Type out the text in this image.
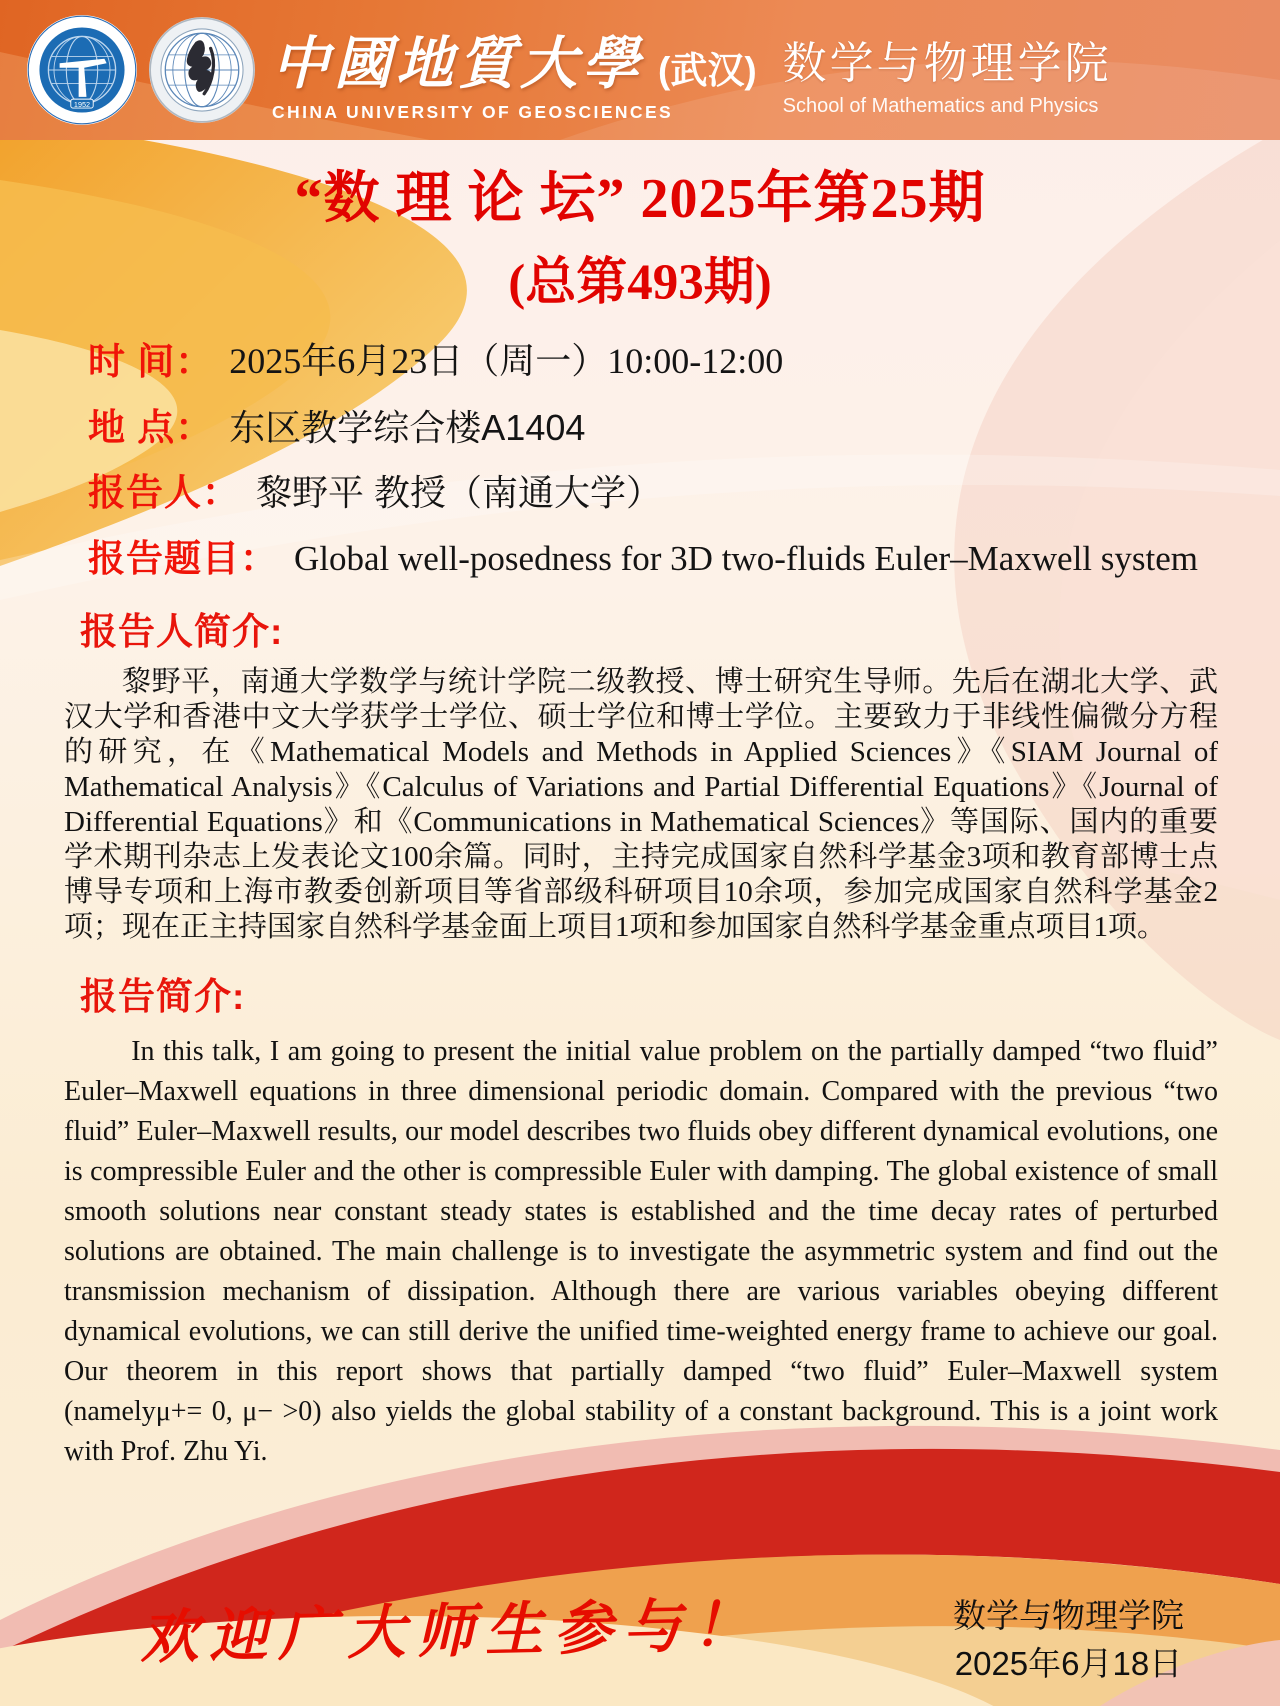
1952
中國地質大學 (武汉)
CHINA UNIVERSITY OF GEOSCIENCES
数学与物理学院
School of Mathematics and Physics
“数 理 论 坛” 2025年第25期
(总第493期)
时 间： 2025年6月23日（周一）10:00-12:00
地 点： 东区教学综合楼A1404
报告人： 黎野平 教授（南通大学）
报告题目： Global well-posedness for 3D two-fluids Euler–Maxwell system
报告人简介:

黎野平，南通大学数学与统计学院二级教授、博士研究生导师。先后在湖北大学、武汉大学和香港中文大学获学士学位、硕士学位和博士学位。主要致力于非线性偏微分方程的研究，在《Mathematical Models and Methods in Applied Sciences》《SIAM Journal of Mathematical Analysis》《Calculus of Variations and Partial Differential Equations》《Journal of Differential Equations》和《Communications in Mathematical Sciences》等国际、国内的重要学术期刊杂志上发表论文100余篇。同时，主持完成国家自然科学基金3项和教育部博士点博导专项和上海市教委创新项目等省部级科研项目10余项，参加完成国家自然科学基金2项；现在正主持国家自然科学基金面上项目1项和参加国家自然科学基金重点项目1项。

报告简介:

In this talk, I am going to present the initial value problem on the partially damped “two fluid” Euler–Maxwell equations in three dimensional periodic domain. Compared with the previous “two fluid” Euler–Maxwell results, our model describes two fluids obey different dynamical evolutions, one is compressible Euler and the other is compressible Euler with damping. The global existence of small smooth solutions near constant steady states is established and the time decay rates of perturbed solutions are obtained. The main challenge is to investigate the asymmetric system and find out the transmission mechanism of dissipation. Although there are various variables obeying different dynamical evolutions, we can still derive the unified time-weighted energy frame to achieve our goal. Our theorem in this report shows that partially damped “two fluid” Euler–Maxwell system (namelyμ+= 0, μ− >0) also yields the global stability of a constant background. This is a joint work with Prof. Zhu Yi.

欢迎广大师生参与！	数学与物理学院
2025年6月18日
